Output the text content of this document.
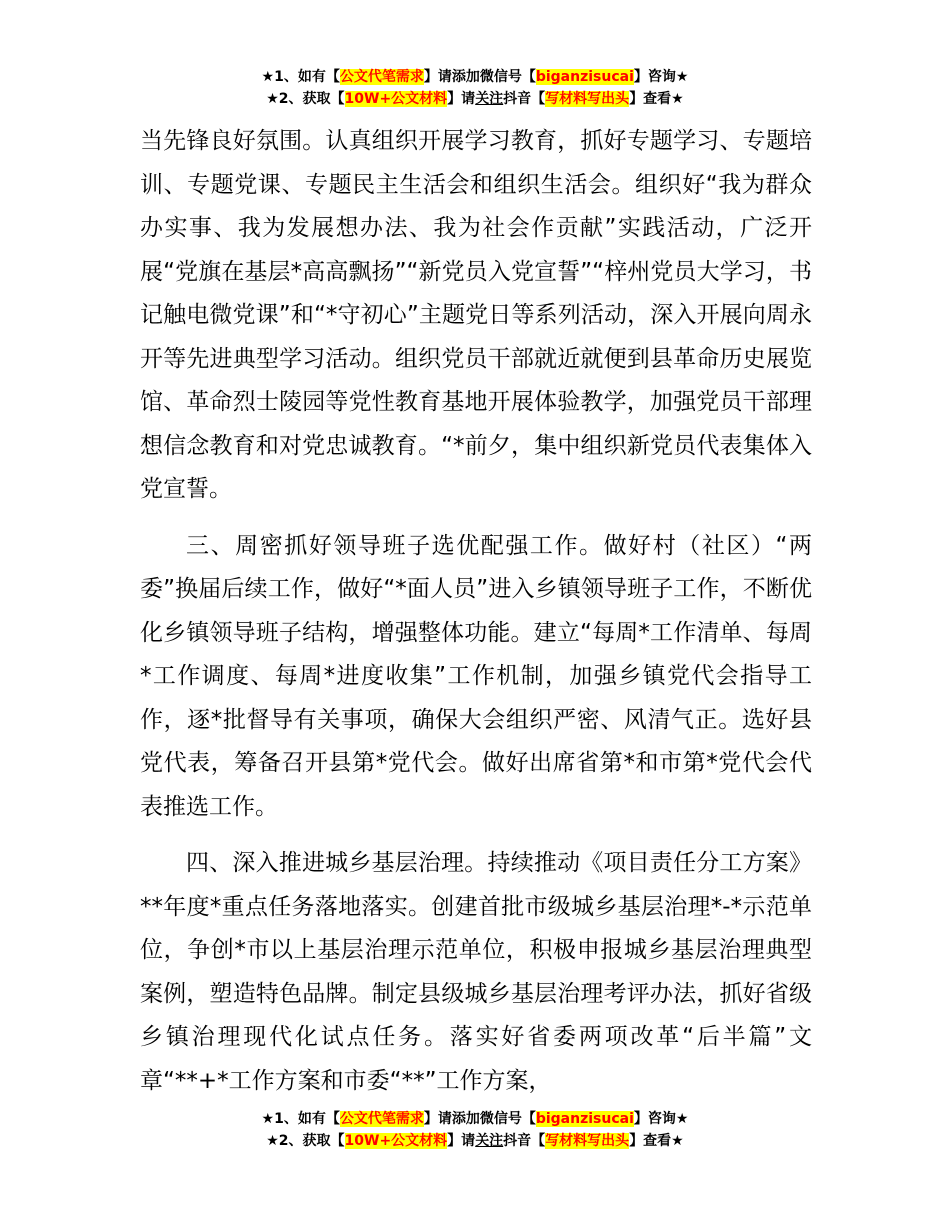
★1、如有【公文代笔需求】请添加微信号【biganzisucai】咨询★
★2、获取【10W+公文材料】请关注抖音【写材料写出头】查看★

当先锋良好氛围。认真组织开展学习教育，抓好专题学习、专题培训、专题党课、专题民主生活会和组织生活会。组织好“我为群众办实事、我为发展想办法、我为社会作贡献”实践活动，广泛开展“党旗在基层*高高飘扬”“新党员入党宣誓”“梓州党员大学习，书记触电微党课”和“*守初心”主题党日等系列活动，深入开展向周永开等先进典型学习活动。组织党员干部就近就便到县革命历史展览馆、革命烈士陵园等党性教育基地开展体验教学，加强党员干部理想信念教育和对党忠诚教育。“*前夕，集中组织新党员代表集体入党宣誓。

三、周密抓好领导班子选优配强工作。做好村（社区）“两委”换届后续工作，做好“*面人员”进入乡镇领导班子工作，不断优化乡镇领导班子结构，增强整体功能。建立“每周*工作清单、每周*工作调度、每周*进度收集”工作机制，加强乡镇党代会指导工作，逐*批督导有关事项，确保大会组织严密、风清气正。选好县党代表，筹备召开县第*党代会。做好出席省第*和市第*党代会代表推选工作。

四、深入推进城乡基层治理。持续推动《项目责任分工方案》**年度*重点任务落地落实。创建首批市级城乡基层治理*-*示范单位，争创*市以上基层治理示范单位，积极申报城乡基层治理典型案例，塑造特色品牌。制定县级城乡基层治理考评办法，抓好省级乡镇治理现代化试点任务。落实好省委两项改革“后半篇”文章“**+*工作方案和市委“**”工作方案，

★1、如有【公文代笔需求】请添加微信号【biganzisucai】咨询★
★2、获取【10W+公文材料】请关注抖音【写材料写出头】查看★
